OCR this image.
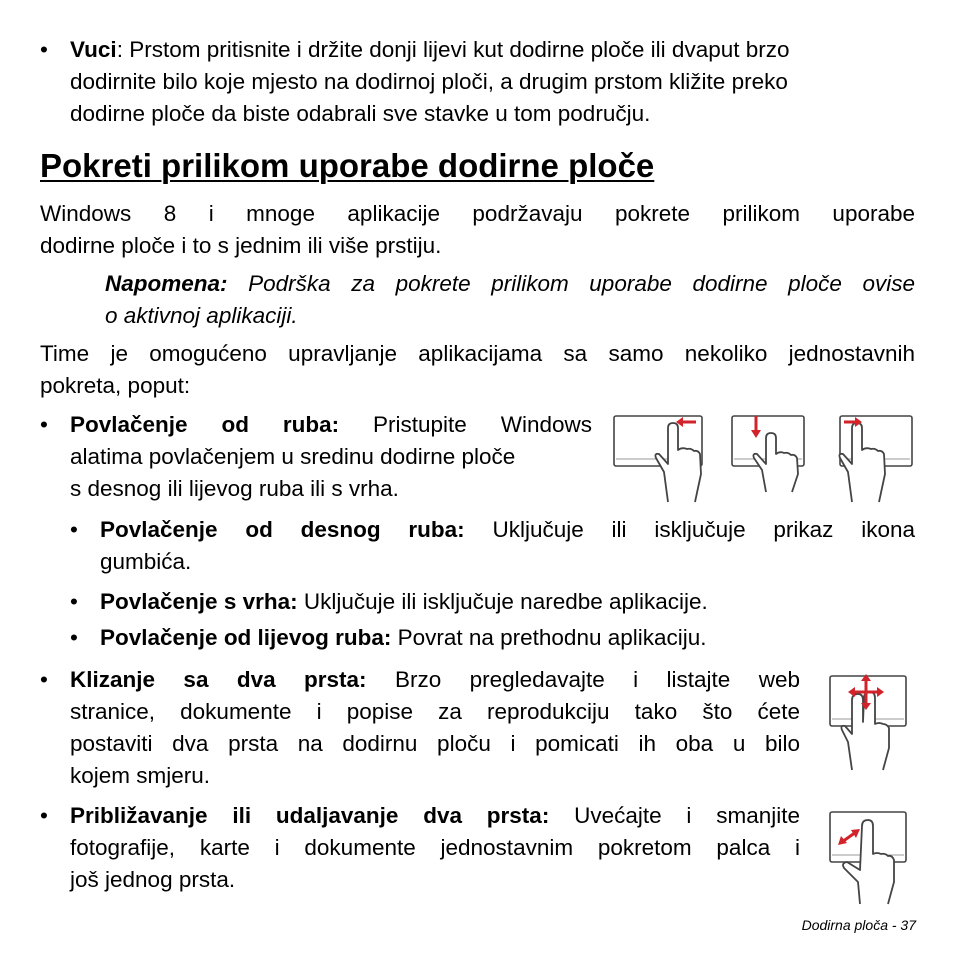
• Vuci: Prstom pritisnite i držite donji lijevi kut dodirne ploče ili dvaput brzo

dodirnite bilo koje mjesto na dodirnoj ploči, a drugim prstom kližite preko

dodirne ploče da biste odabrali sve stavke u tom području.

Pokreti prilikom uporabe dodirne ploče

Windows 8 i mnoge aplikacije podržavaju pokrete prilikom uporabe

dodirne ploče i to s jednim ili više prstiju.

Napomena: Podrška za pokrete prilikom uporabe dodirne ploče ovise

o aktivnoj aplikaciji.

Time je omogućeno upravljanje aplikacijama sa samo nekoliko jednostavnih

pokreta, poput:

• Povlačenje od ruba: Pristupite Windows

alatima povlačenjem u sredinu dodirne ploče

s desnog ili lijevog ruba ili s vrha.

• Povlačenje od desnog ruba: Uključuje ili isključuje prikaz ikona

gumbića.

• Povlačenje s vrha: Uključuje ili isključuje naredbe aplikacije.

• Povlačenje od lijevog ruba: Povrat na prethodnu aplikaciju.

• Klizanje sa dva prsta: Brzo pregledavajte i listajte web

stranice, dokumente i popise za reprodukciju tako što ćete

postaviti dva prsta na dodirnu ploču i pomicati ih oba u bilo

kojem smjeru.

• Približavanje ili udaljavanje dva prsta: Uvećajte i smanjite

fotografije, karte i dokumente jednostavnim pokretom palca i

još jednog prsta.

Dodirna ploča - 37
